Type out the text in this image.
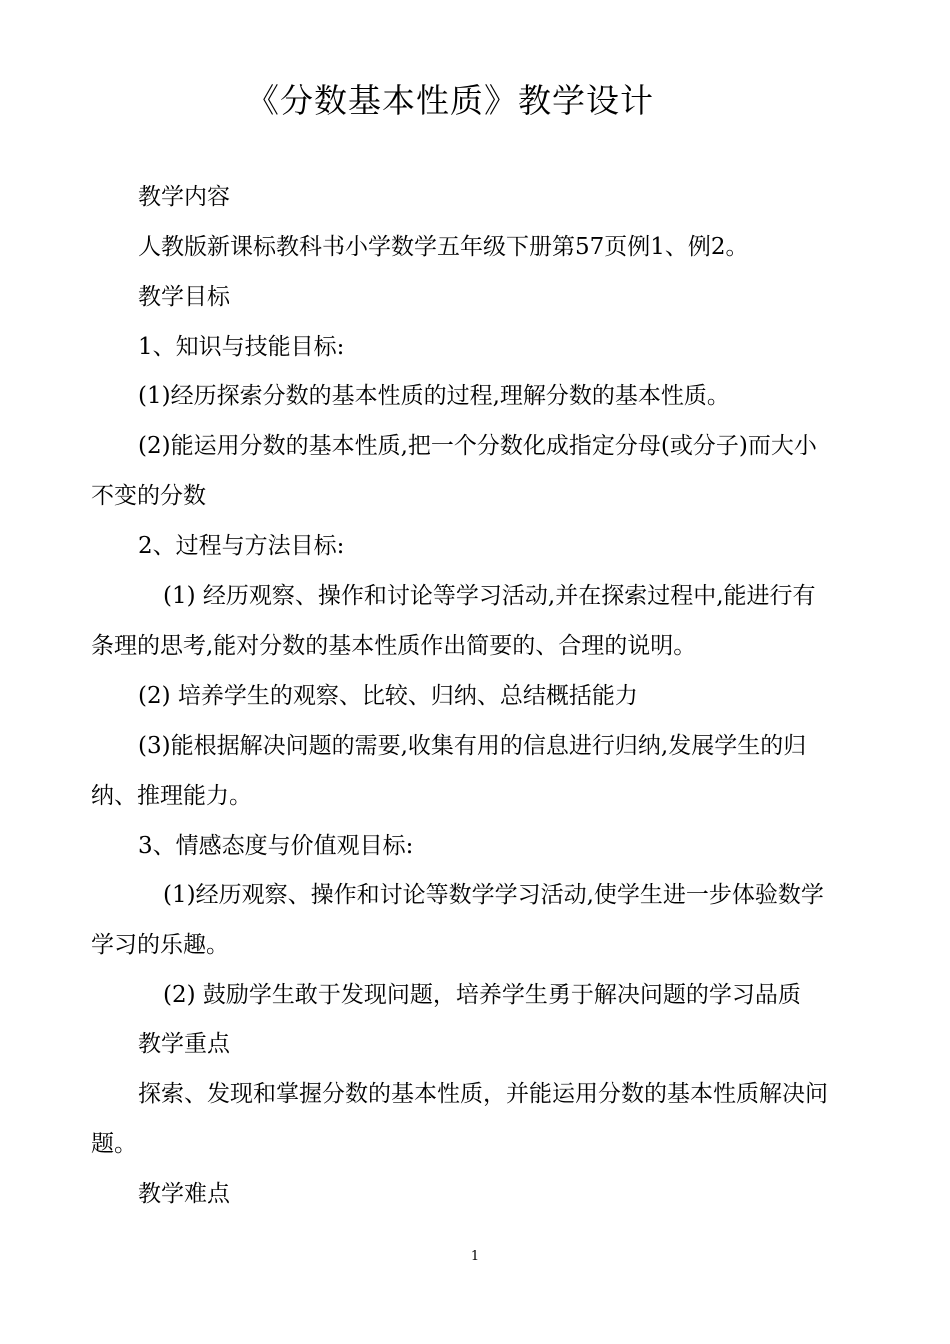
《分数基本性质》教学设计
教学内容
人教版新课标教科书小学数学五年级下册第57页例1、例2。
教学目标
1、知识与技能目标:
(1)经历探索分数的基本性质的过程,理解分数的基本性质。
(2)能运用分数的基本性质,把一个分数化成指定分母(或分子)而大小
不变的分数
2、过程与方法目标:
(1) 经历观察、操作和讨论等学习活动,并在探索过程中,能进行有
条理的思考,能对分数的基本性质作出简要的、合理的说明。
(2) 培养学生的观察、比较、归纳、总结概括能力
(3)能根据解决问题的需要,收集有用的信息进行归纳,发展学生的归
纳、推理能力。
3、情感态度与价值观目标:
(1)经历观察、操作和讨论等数学学习活动,使学生进一步体验数学
学习的乐趣。
(2) 鼓励学生敢于发现问题，培养学生勇于解决问题的学习品质
教学重点
探索、发现和掌握分数的基本性质，并能运用分数的基本性质解决问
题。
教学难点
1
